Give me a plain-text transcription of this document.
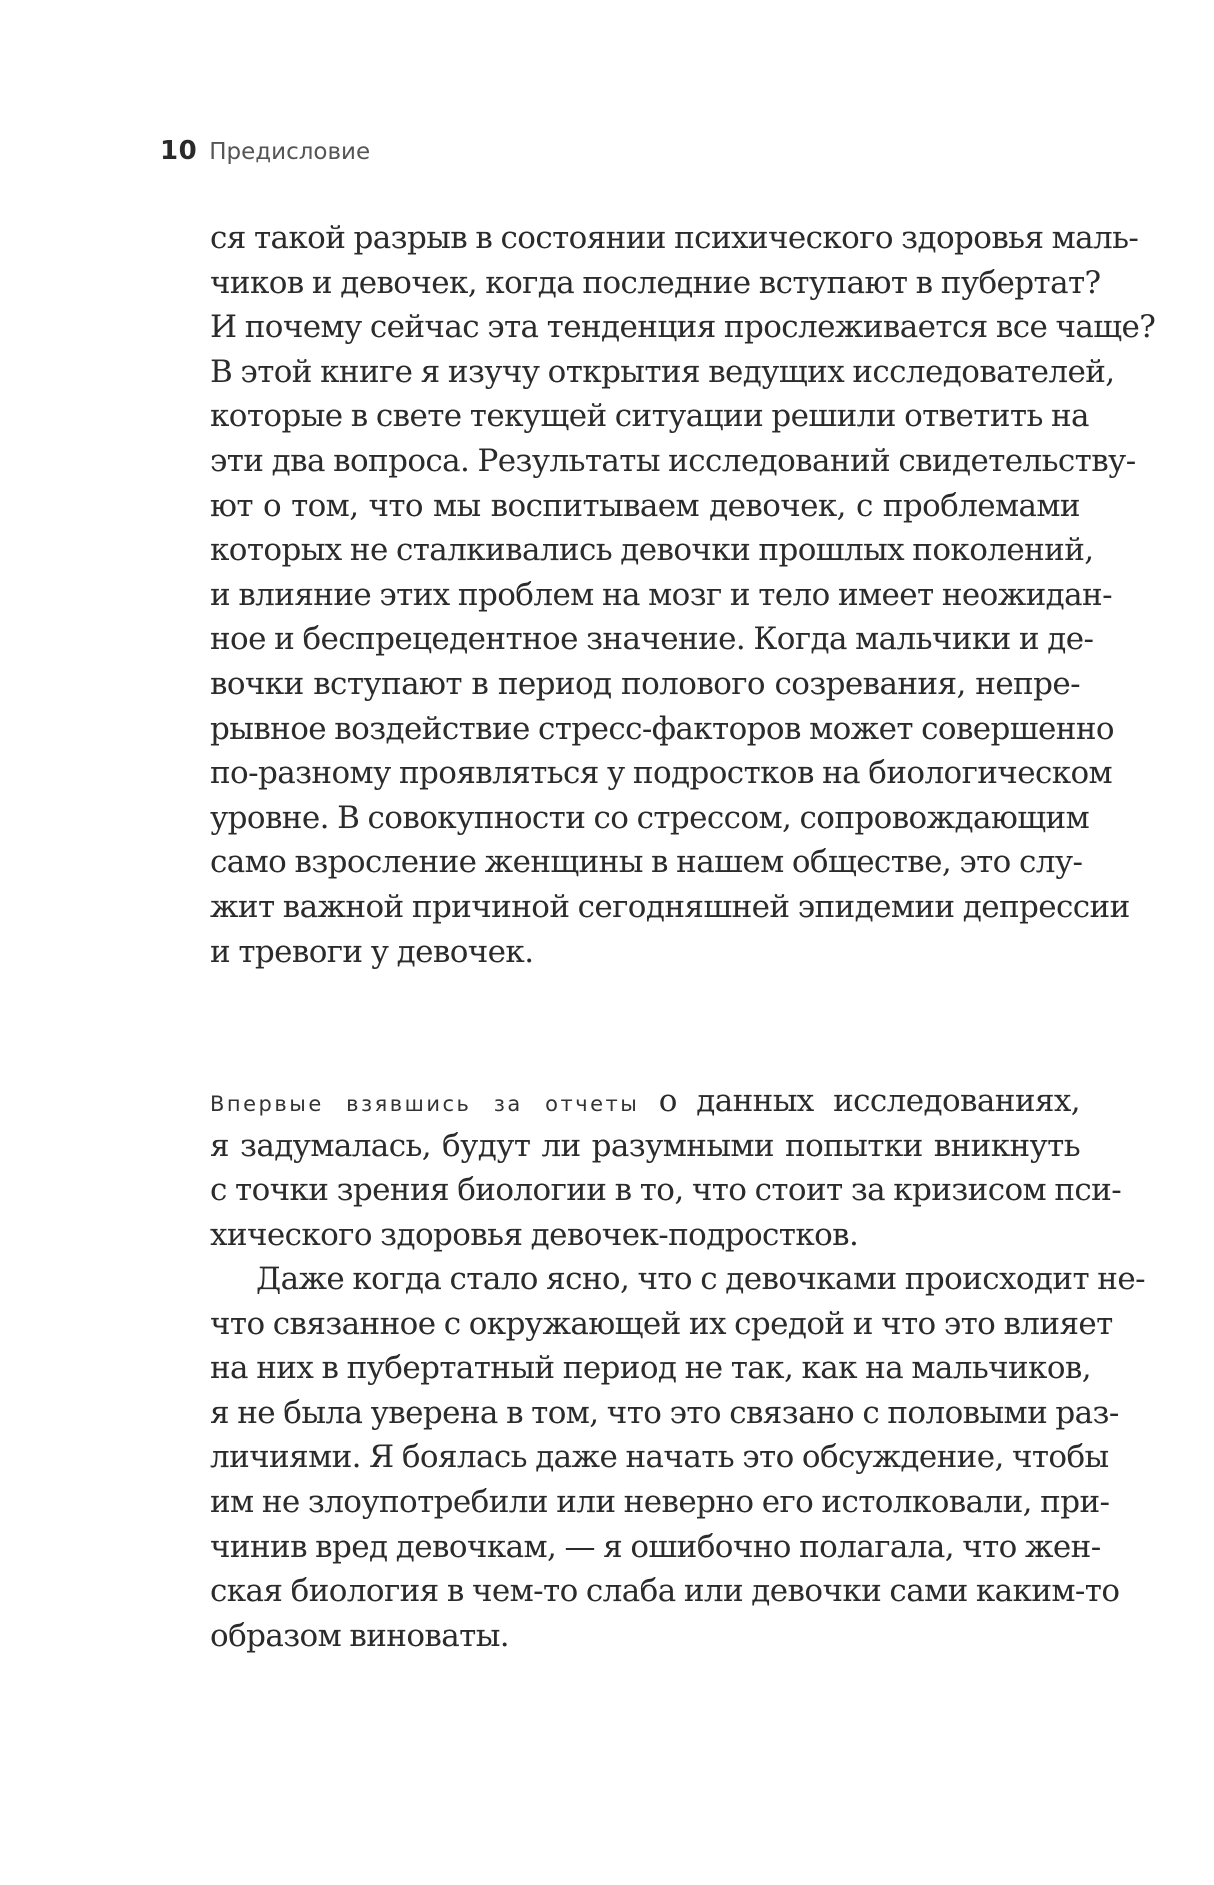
10 Предисловие
ся такой разрыв в состоянии психического здоровья маль-
чиков и девочек, когда последние вступают в пубертат?
И почему сейчас эта тенденция прослеживается все чаще?
В этой книге я изучу открытия ведущих исследователей,
которые в свете текущей ситуации решили ответить на
эти два вопроса. Результаты исследований свидетельству-
ют о том, что мы воспитываем девочек, с проблемами
которых не сталкивались девочки прошлых поколений,
и влияние этих проблем на мозг и тело имеет неожидан-
ное и беспрецедентное значение. Когда мальчики и де-
вочки вступают в период полового созревания, непре-
рывное воздействие стресс-факторов может совершенно
по-разному проявляться у подростков на биологическом
уровне. В совокупности со стрессом, сопровождающим
само взросление женщины в нашем обществе, это слу-
жит важной причиной сегодняшней эпидемии депрессии
и тревоги у девочек.
Впервые взявшись за отчеты о данных исследованиях,
я задумалась, будут ли разумными попытки вникнуть
с точки зрения биологии в то, что стоит за кризисом пси-
хического здоровья девочек-подростков.
Даже когда стало ясно, что с девочками происходит не-
что связанное с окружающей их средой и что это влияет
на них в пубертатный период не так, как на мальчиков,
я не была уверена в том, что это связано с половыми раз-
личиями. Я боялась даже начать это обсуждение, чтобы
им не злоупотребили или неверно его истолковали, при-
чинив вред девочкам, — я ошибочно полагала, что жен-
ская биология в чем-то слаба или девочки сами каким-то
образом виноваты.
